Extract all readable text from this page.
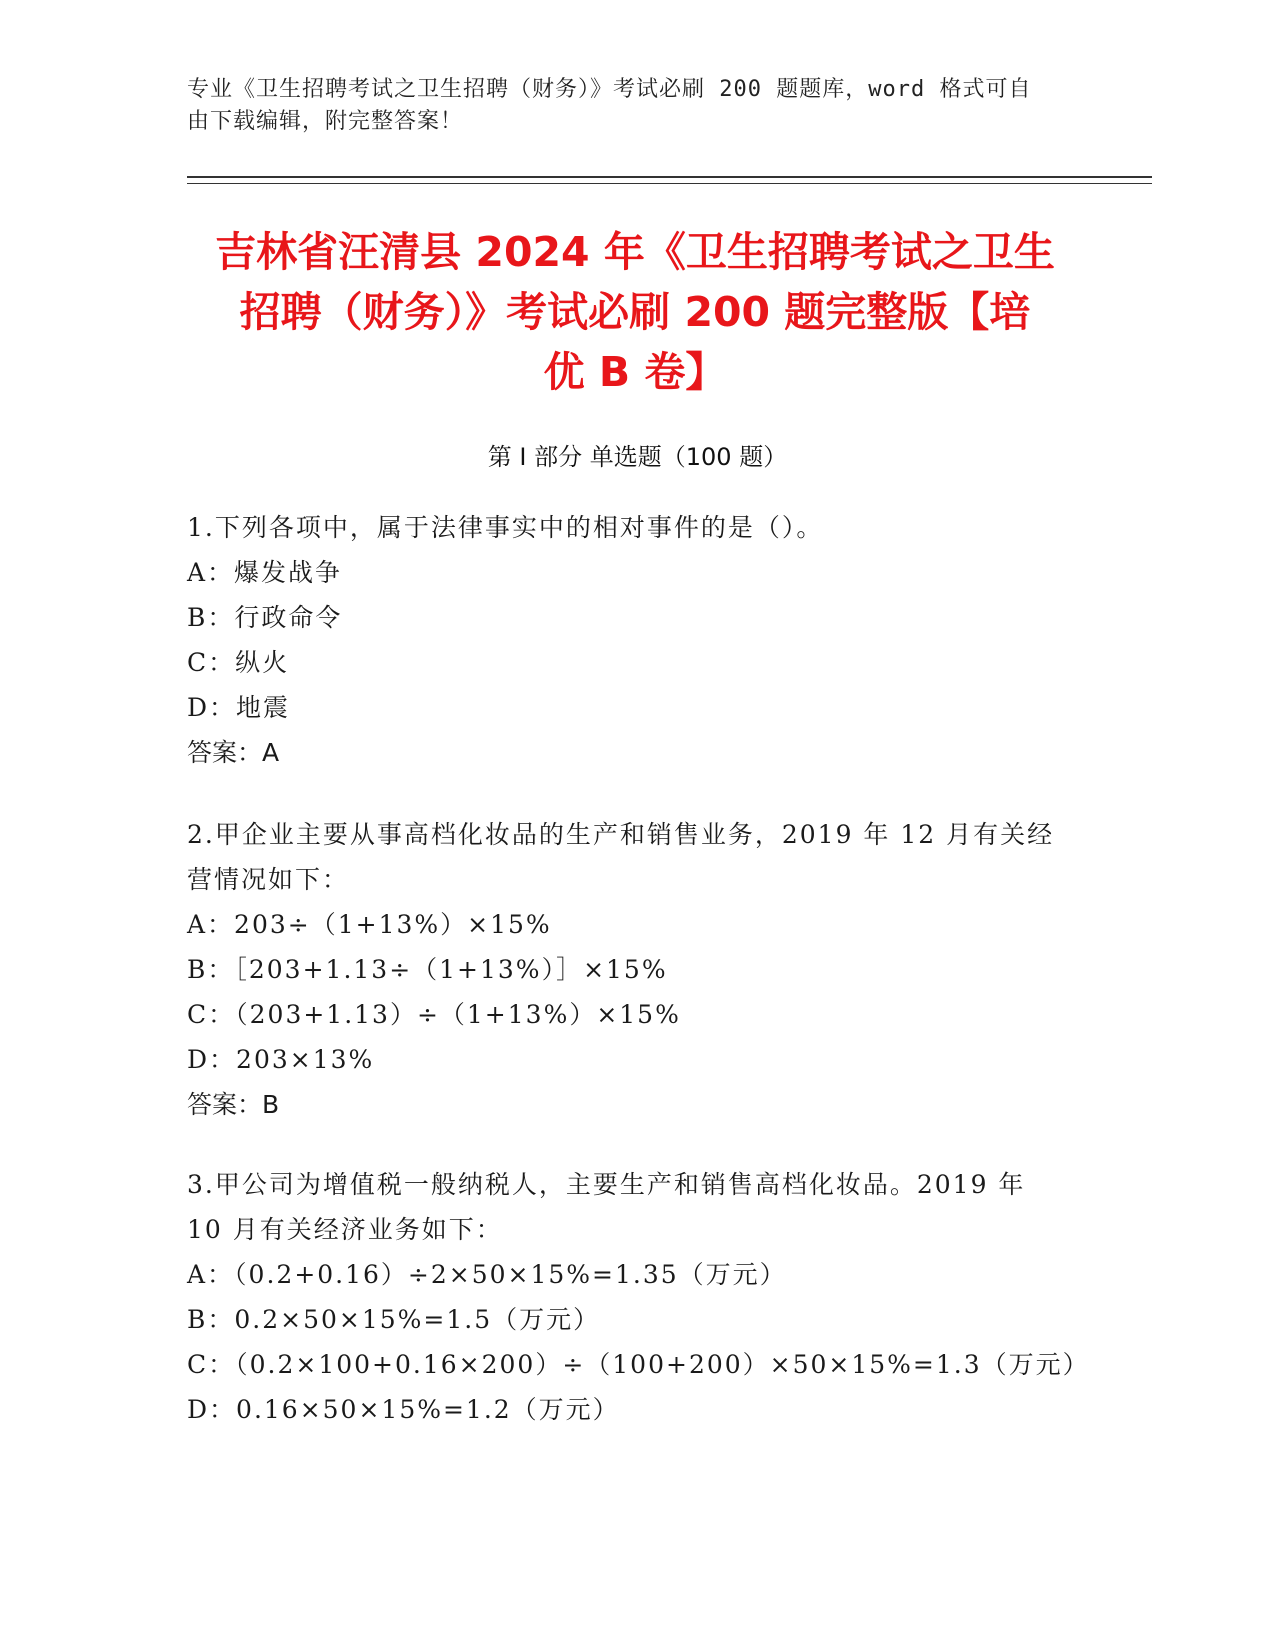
专业《卫生招聘考试之卫生招聘（财务）》考试必刷 200 题题库，word 格式可自
由下载编辑，附完整答案！
吉林省汪清县 2024 年《卫生招聘考试之卫生
招聘（财务）》考试必刷 200 题完整版【培
优 B 卷】
第 I 部分 单选题（100 题）

1.下列各项中，属于法律事实中的相对事件的是（）。

A：爆发战争

B：行政命令

C：纵火

D：地震

答案：A

2.甲企业主要从事高档化妆品的生产和销售业务，2019 年 12 月有关经

营情况如下：

A：203÷（1+13%）×15%

B：［203+1.13÷（1+13%）］×15%

C：（203+1.13）÷（1+13%）×15%

D：203×13%

答案：B

3.甲公司为增值税一般纳税人，主要生产和销售高档化妆品。2019 年

10 月有关经济业务如下：

A：（0.2+0.16）÷2×50×15%=1.35（万元）

B：0.2×50×15%=1.5（万元）

C：（0.2×100+0.16×200）÷（100+200）×50×15%=1.3（万元）

D：0.16×50×15%=1.2（万元）
